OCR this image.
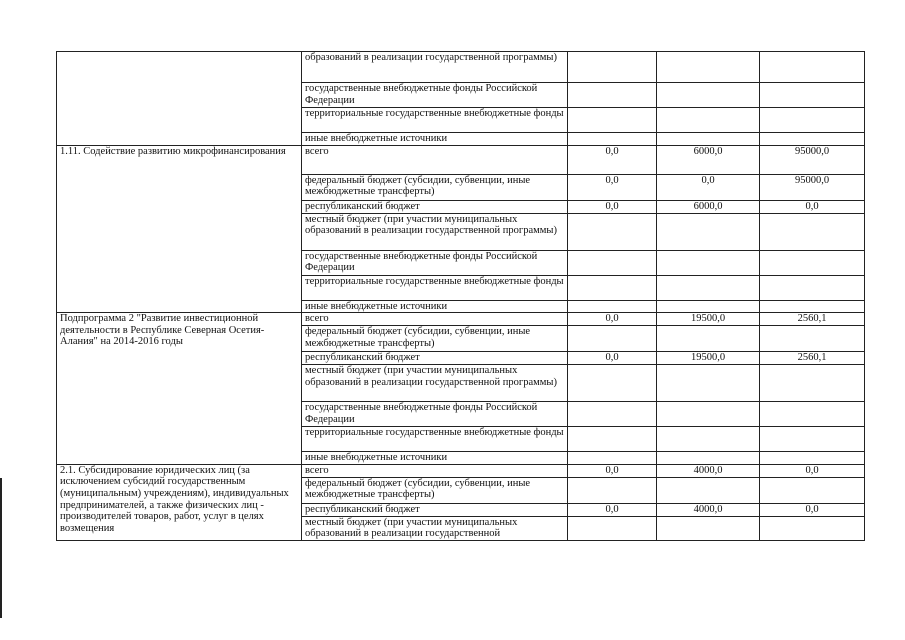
	образований в реализации государственной программы)			
	государственные внебюджетные фонды Российской Федерации			
	территориальные государственные внебюджетные фонды			
	иные внебюджетные источники			
1.11. Содействие развитию микрофинансирования	всего	0,0	6000,0	95000,0
	федеральный бюджет (субсидии, субвенции, иные межбюджетные трансферты)	0,0	0,0	95000,0
	республиканский бюджет	0,0	6000,0	0,0
	местный бюджет (при участии муниципальных образований в реализации государственной программы)			
	государственные внебюджетные фонды Российской Федерации			
	территориальные государственные внебюджетные фонды			
	иные внебюджетные источники			
Подпрограмма 2 "Развитие инвестиционной деятельности в Республике Северная Осетия-Алания" на 2014-2016 годы	всего	0,0	19500,0	2560,1
	федеральный бюджет (субсидии, субвенции, иные межбюджетные трансферты)			
	республиканский бюджет	0,0	19500,0	2560,1
	местный бюджет (при участии муниципальных образований в реализации государственной программы)			
	государственные внебюджетные фонды Российской Федерации			
	территориальные государственные внебюджетные фонды			
	иные внебюджетные источники			
2.1. Субсидирование юридических лиц (за исключением субсидий государственным (муниципальным) учреждениям), индивидуальных предпринимателей, а также физических лиц - производителей товаров, работ, услуг в целях возмещения	всего	0,0	4000,0	0,0
	федеральный бюджет (субсидии, субвенции, иные межбюджетные трансферты)			
	республиканский бюджет	0,0	4000,0	0,0
	местный бюджет (при участии муниципальных образований в реализации государственной			
